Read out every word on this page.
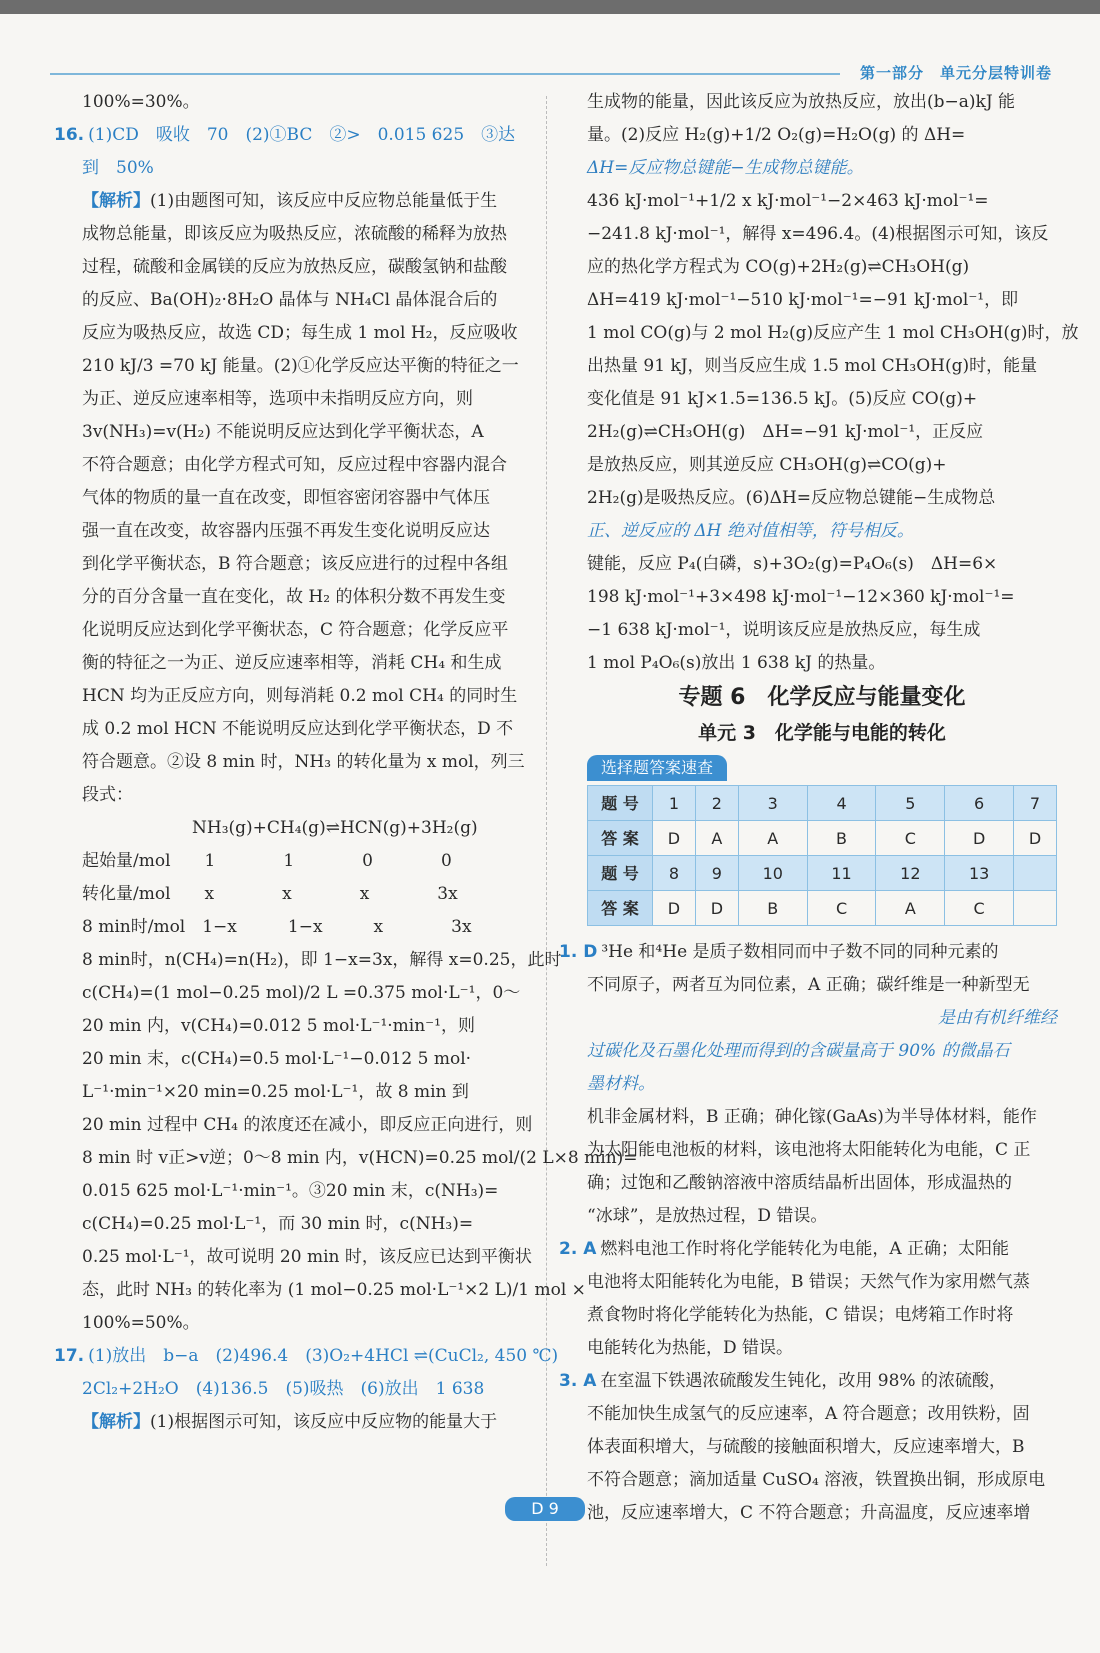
第一部分　单元分层特训卷
100%=30%。
16. (1)CD　吸收　70　(2)①BC　②>　0.015 625　③达
到　50%
【解析】(1)由题图可知，该反应中反应物总能量低于生
成物总能量，即该反应为吸热反应，浓硫酸的稀释为放热
过程，硫酸和金属镁的反应为放热反应，碳酸氢钠和盐酸
的反应、Ba(OH)₂·8H₂O 晶体与 NH₄Cl 晶体混合后的
反应为吸热反应，故选 CD；每生成 1 mol H₂，反应吸收
210 kJ/3 =70 kJ 能量。(2)①化学反应达平衡的特征之一
为正、逆反应速率相等，选项中未指明反应方向，则
3v(NH₃)=v(H₂) 不能说明反应达到化学平衡状态，A
不符合题意；由化学方程式可知，反应过程中容器内混合
气体的物质的量一直在改变，即恒容密闭容器中气体压
强一直在改变，故容器内压强不再发生变化说明反应达
到化学平衡状态，B 符合题意；该反应进行的过程中各组
分的百分含量一直在变化，故 H₂ 的体积分数不再发生变
化说明反应达到化学平衡状态，C 符合题意；化学反应平
衡的特征之一为正、逆反应速率相等，消耗 CH₄ 和生成
HCN 均为正反应方向，则每消耗 0.2 mol CH₄ 的同时生
成 0.2 mol HCN 不能说明反应达到化学平衡状态，D 不
符合题意。②设 8 min 时，NH₃ 的转化量为 x mol，列三
段式：
NH₃(g)+CH₄(g)⇌HCN(g)+3H₂(g)
起始量/mol　　1　　　　1　　　　0　　　　0
转化量/mol　　x　　　　x　　　　x　　　　3x
8 min时/mol　1−x　　　1−x　　　x　　　　3x
8 min时，n(CH₄)=n(H₂)，即 1−x=3x，解得 x=0.25，此时
c(CH₄)=(1 mol−0.25 mol)/2 L =0.375 mol·L⁻¹，0～
20 min 内，v(CH₄)=0.012 5 mol·L⁻¹·min⁻¹，则
20 min 末，c(CH₄)=0.5 mol·L⁻¹−0.012 5 mol·
L⁻¹·min⁻¹×20 min=0.25 mol·L⁻¹，故 8 min 到
20 min 过程中 CH₄ 的浓度还在减小，即反应正向进行，则
8 min 时 v正>v逆；0～8 min 内，v(HCN)=0.25 mol/(2 L×8 min)=
0.015 625 mol·L⁻¹·min⁻¹。③20 min 末，c(NH₃)=
c(CH₄)=0.25 mol·L⁻¹，而 30 min 时，c(NH₃)=
0.25 mol·L⁻¹，故可说明 20 min 时，该反应已达到平衡状
态，此时 NH₃ 的转化率为 (1 mol−0.25 mol·L⁻¹×2 L)/1 mol ×
100%=50%。
17. (1)放出　b−a　(2)496.4　(3)O₂+4HCl ⇌(CuCl₂, 450 ℃)
2Cl₂+2H₂O　(4)136.5　(5)吸热　(6)放出　1 638
【解析】(1)根据图示可知，该反应中反应物的能量大于
生成物的能量，因此该反应为放热反应，放出(b−a)kJ 能
量。(2)反应 H₂(g)+1/2 O₂(g)=H₂O(g) 的 ΔH=
ΔH=反应物总键能−生成物总键能。
436 kJ·mol⁻¹+1/2 x kJ·mol⁻¹−2×463 kJ·mol⁻¹=
−241.8 kJ·mol⁻¹，解得 x=496.4。(4)根据图示可知，该反
应的热化学方程式为 CO(g)+2H₂(g)⇌CH₃OH(g)
ΔH=419 kJ·mol⁻¹−510 kJ·mol⁻¹=−91 kJ·mol⁻¹，即
1 mol CO(g)与 2 mol H₂(g)反应产生 1 mol CH₃OH(g)时，放
出热量 91 kJ，则当反应生成 1.5 mol CH₃OH(g)时，能量
变化值是 91 kJ×1.5=136.5 kJ。(5)反应 CO(g)+
2H₂(g)⇌CH₃OH(g)　ΔH=−91 kJ·mol⁻¹，正反应
是放热反应，则其逆反应 CH₃OH(g)⇌CO(g)+
2H₂(g)是吸热反应。(6)ΔH=反应物总键能−生成物总
正、逆反应的 ΔH 绝对值相等，符号相反。
键能，反应 P₄(白磷，s)+3O₂(g)=P₄O₆(s)　ΔH=6×
198 kJ·mol⁻¹+3×498 kJ·mol⁻¹−12×360 kJ·mol⁻¹=
−1 638 kJ·mol⁻¹，说明该反应是放热反应，每生成
1 mol P₄O₆(s)放出 1 638 kJ 的热量。
专题 6　化学反应与能量变化
单元 3　化学能与电能的转化
选择题答案速查
题 号	1	2	3	4	5	6	7
答 案	D	A	A	B	C	D	D
题 号	8	9	10	11	12	13	
答 案	D	D	B	C	A	C	
1. D ³He 和⁴He 是质子数相同而中子数不同的同种元素的
不同原子，两者互为同位素，A 正确；碳纤维是一种新型无
是由有机纤维经
过碳化及石墨化处理而得到的含碳量高于 90% 的微晶石
墨材料。
机非金属材料，B 正确；砷化镓(GaAs)为半导体材料，能作
为太阳能电池板的材料，该电池将太阳能转化为电能，C 正
确；过饱和乙酸钠溶液中溶质结晶析出固体，形成温热的
“冰球”，是放热过程，D 错误。
2. A 燃料电池工作时将化学能转化为电能，A 正确；太阳能
电池将太阳能转化为电能，B 错误；天然气作为家用燃气蒸
煮食物时将化学能转化为热能，C 错误；电烤箱工作时将
电能转化为热能，D 错误。
3. A 在室温下铁遇浓硫酸发生钝化，改用 98% 的浓硫酸，
不能加快生成氢气的反应速率，A 符合题意；改用铁粉，固
体表面积增大，与硫酸的接触面积增大，反应速率增大，B
不符合题意；滴加适量 CuSO₄ 溶液，铁置换出铜，形成原电
池，反应速率增大，C 不符合题意；升高温度，反应速率增
D 9
